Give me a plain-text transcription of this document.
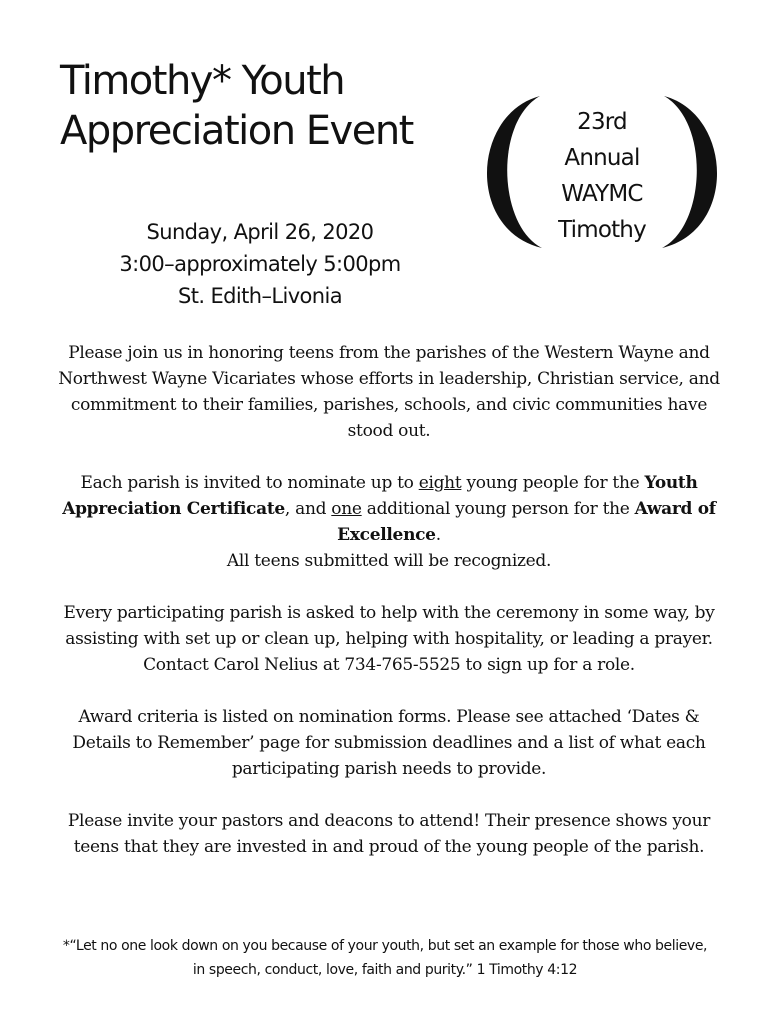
Timothy* Youth
Appreciation Event
Sunday, April 26, 2020
3:00–approximately 5:00pm
St. Edith–Livonia
23rd
Annual
WAYMC
Timothy

Please join us in honoring teens from the parishes of the Western Wayne and Northwest Wayne Vicariates whose efforts in leadership, Christian service, and commitment to their families, parishes, schools, and civic communities have stood out.

Each parish is invited to nominate up to eight young people for the Youth Appreciation Certificate, and one additional young person for the Award of Excellence.
All teens submitted will be recognized.

Every participating parish is asked to help with the ceremony in some way, by assisting with set up or clean up, helping with hospitality, or leading a prayer. Contact Carol Nelius at 734-765-5525 to sign up for a role.

Award criteria is listed on nomination forms. Please see attached ‘Dates & Details to Remember’ page for submission deadlines and a list of what each participating parish needs to provide.

Please invite your pastors and deacons to attend! Their presence shows your teens that they are invested in and proud of the young people of the parish.

*“Let no one look down on you because of your youth, but set an example for those who believe, in speech, conduct, love, faith and purity.” 1 Timothy 4:12
